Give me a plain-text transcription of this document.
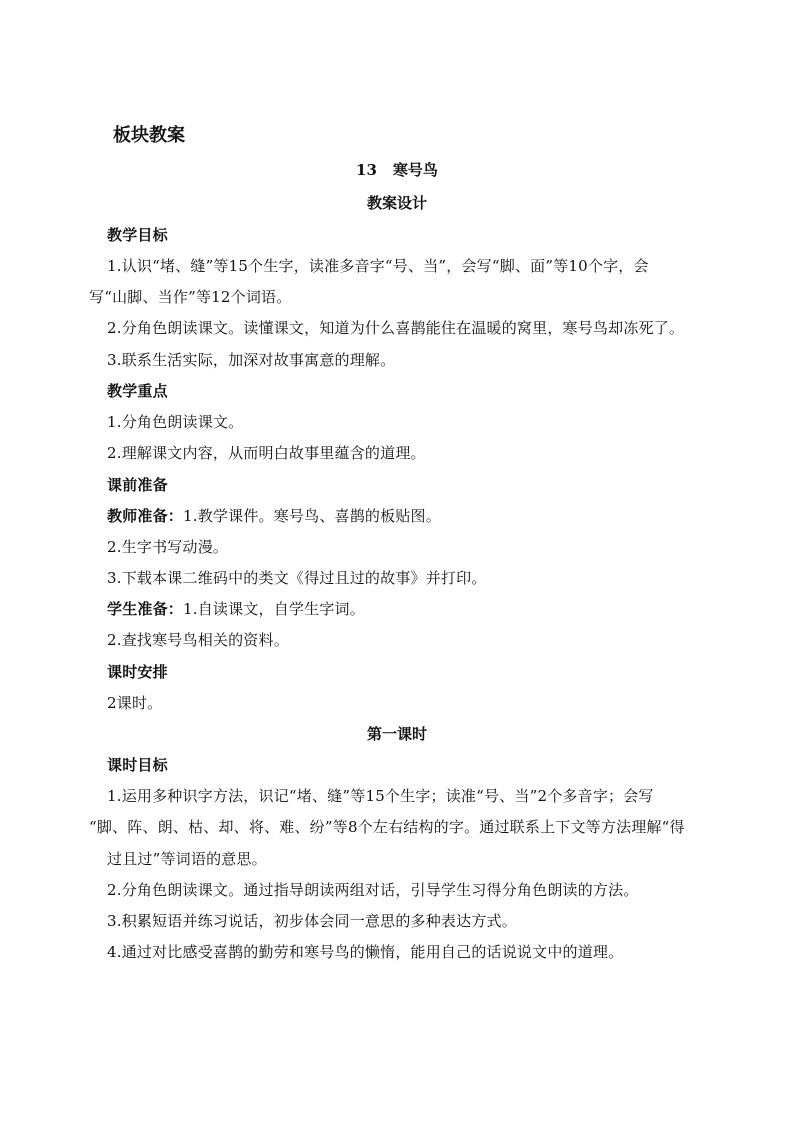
板块教案
13 寒号鸟
教案设计
教学目标
1.认识“堵、缝”等15个生字，读准多音字“号、当”，会写“脚、面”等10个字，会
写“山脚、当作”等12个词语。
2.分角色朗读课文。读懂课文，知道为什么喜鹊能住在温暖的窝里，寒号鸟却冻死了。
3.联系生活实际，加深对故事寓意的理解。
教学重点
1.分角色朗读课文。
2.理解课文内容，从而明白故事里蕴含的道理。
课前准备
教师准备：1.教学课件。寒号鸟、喜鹊的板贴图。
2.生字书写动漫。
3.下载本课二维码中的类文《得过且过的故事》并打印。
学生准备：1.自读课文，自学生字词。
2.查找寒号鸟相关的资料。
课时安排
2课时。
第一课时
课时目标
1.运用多种识字方法，识记“堵、缝”等15个生字；读准“号、当”2个多音字；会写
“脚、阵、朗、枯、却、将、难、纷”等8个左右结构的字。通过联系上下文等方法理解“得
过且过”等词语的意思。
2.分角色朗读课文。通过指导朗读两组对话，引导学生习得分角色朗读的方法。
3.积累短语并练习说话，初步体会同一意思的多种表达方式。
4.通过对比感受喜鹊的勤劳和寒号鸟的懒惰，能用自己的话说说文中的道理。
